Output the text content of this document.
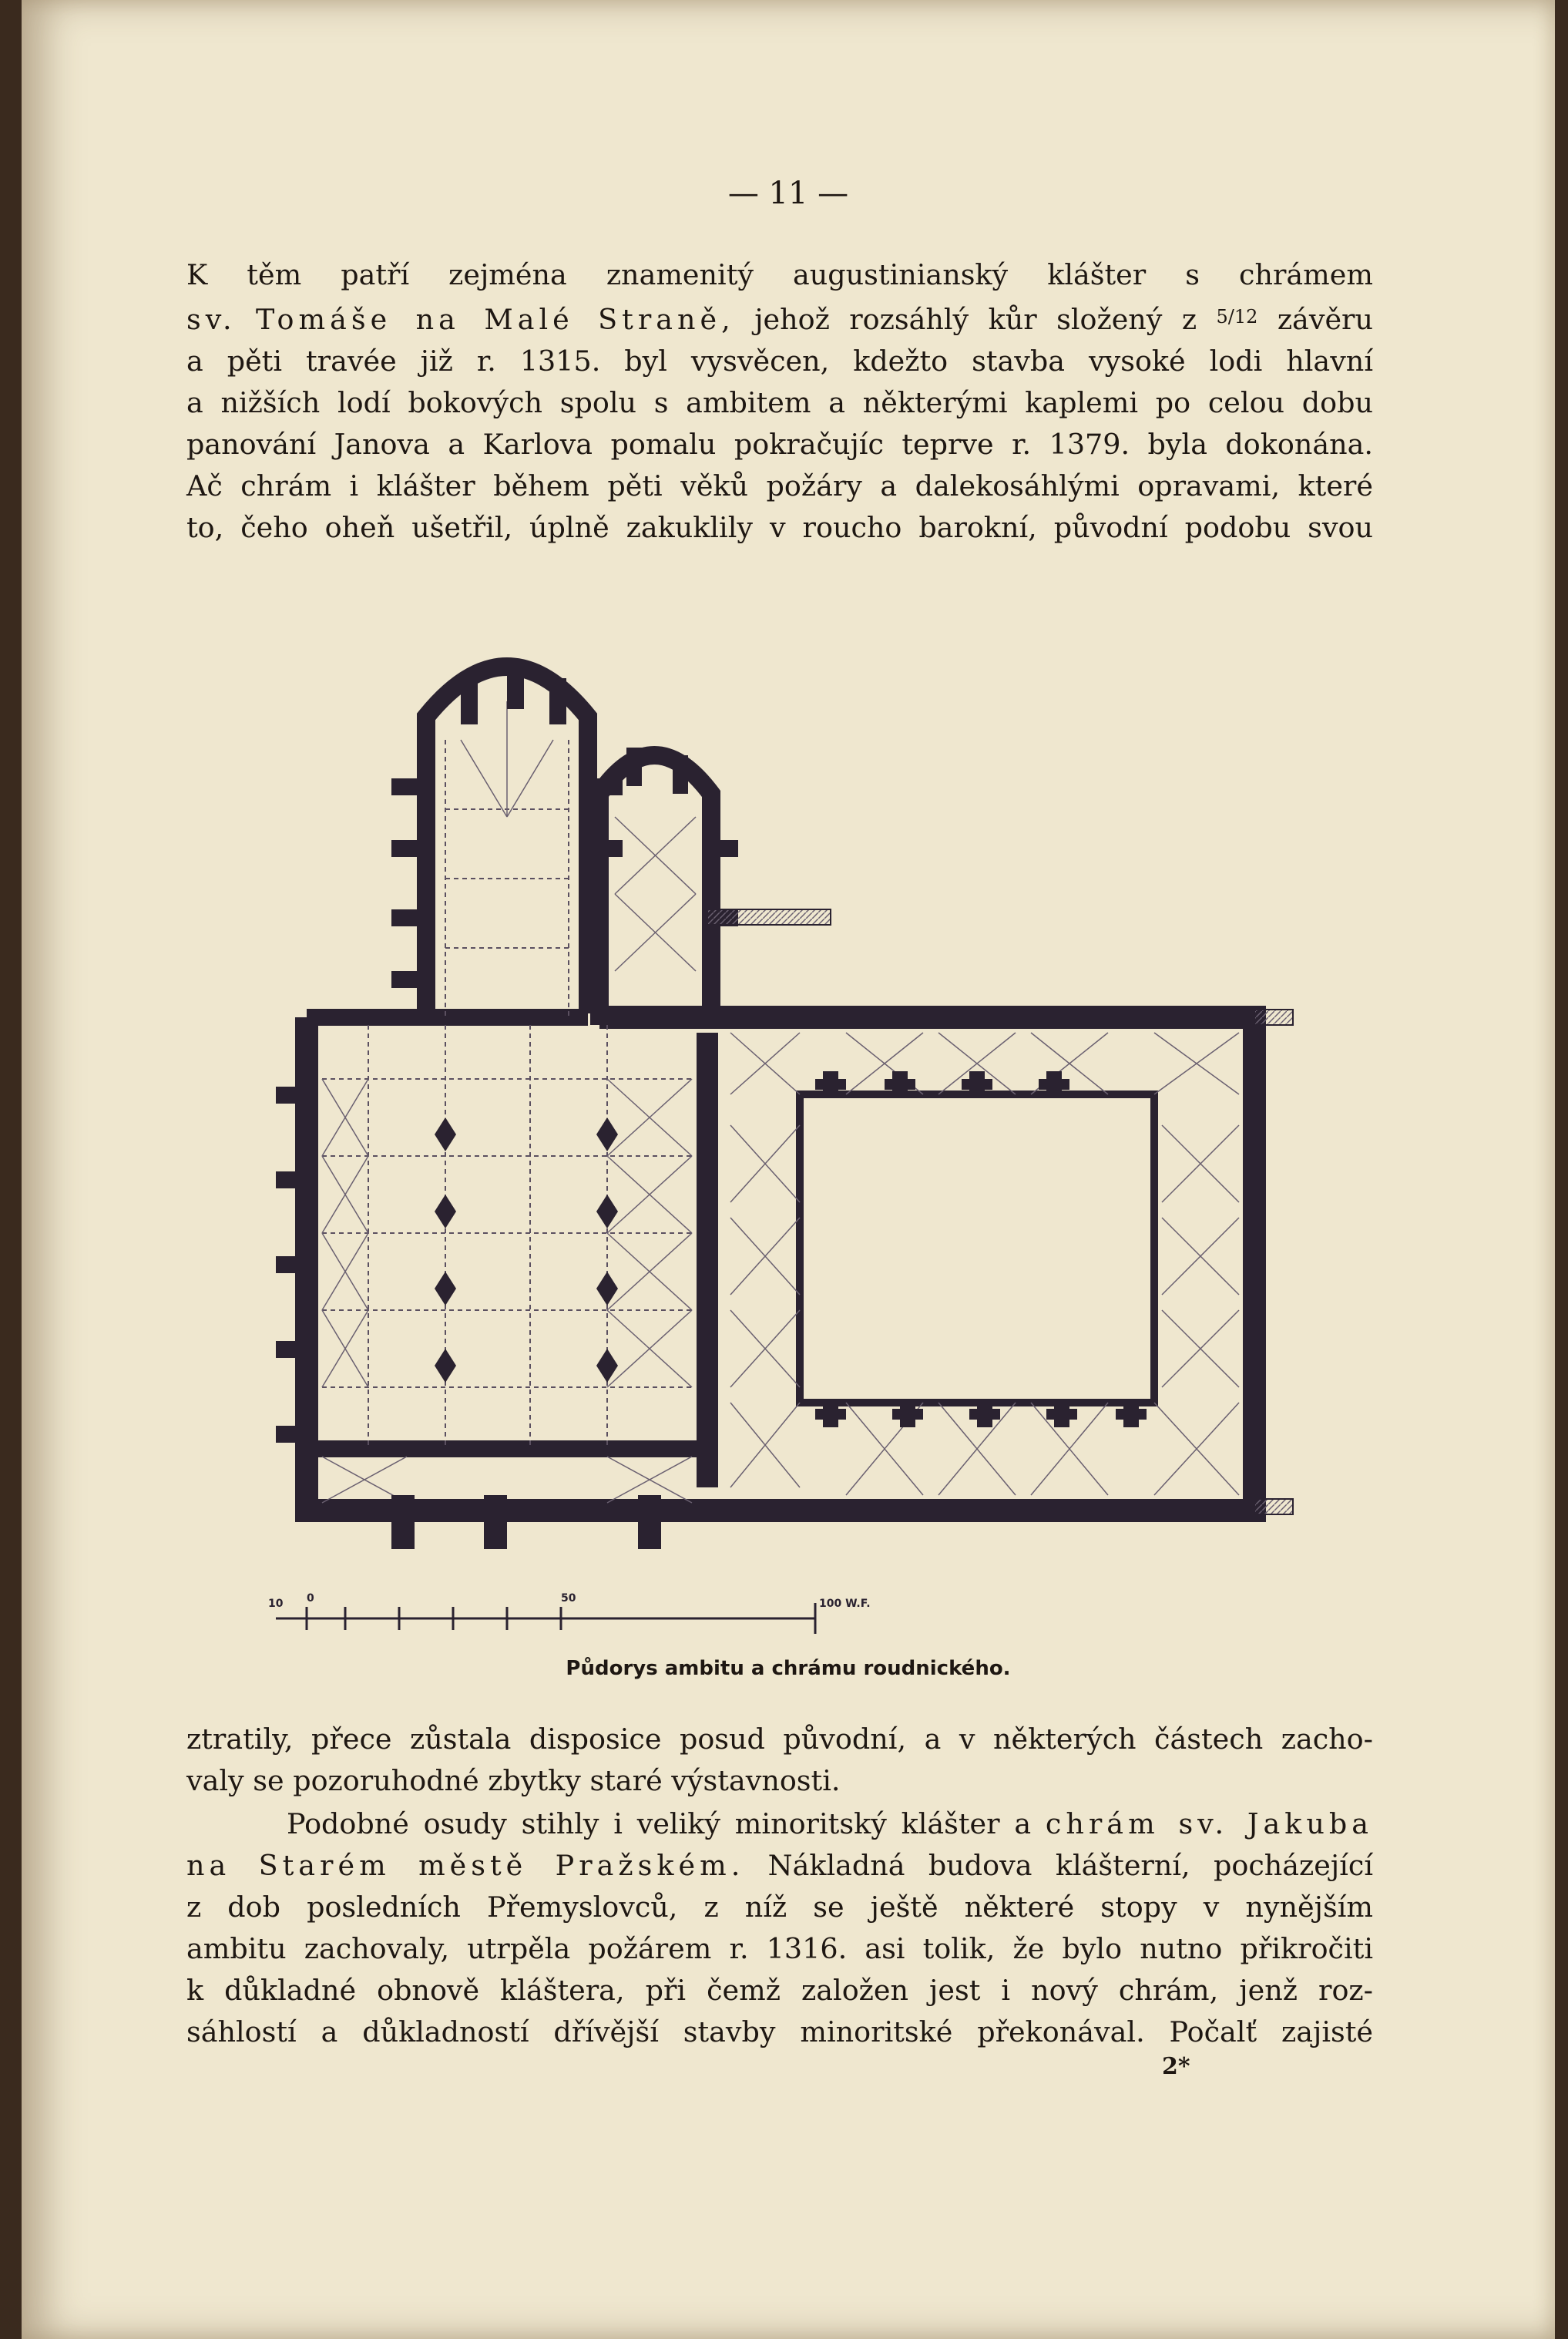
— 11 —
K těm patří zejména znamenitý augustinianský klášter s chrámem
sv. Tomáše na Malé Straně, jehož rozsáhlý kůr složený z $^{5/12}$ závěru
a pěti travée již r. 1315. byl vysvěcen, kdežto stavba vysoké lodi hlavní
a nižších lodí bokových spolu s ambitem a některými kaplemi po celou dobu
panování Janova a Karlova pomalu pokračujíc teprve r. 1379. byla dokonána.
Ač chrám i klášter během pěti věků požáry a dalekosáhlými opravami, které
to, čeho oheň ušetřil, úplně zakuklily v roucho barokní, původní podobu svou
10 0	50	100 W.F.
Půdorys ambitu a chrámu roudnického.
ztratily, přece zůstala disposice posud původní, a v některých částech zacho-
valy se pozoruhodné zbytky staré výstavnosti.
Podobné osudy stihly i veliký minoritský klášter a chrám sv. Jakuba
na Starém městě Pražském. Nákladná budova klášterní, pocházející
z dob posledních Přemyslovců, z níž se ještě některé stopy v nynějším
ambitu zachovaly, utrpěla požárem r. 1316. asi tolik, že bylo nutno přikročiti
k důkladné obnově kláštera, při čemž založen jest i nový chrám, jenž roz-
sáhlostí a důkladností dřívější stavby minoritské překonával. Počalť zajisté
2*
